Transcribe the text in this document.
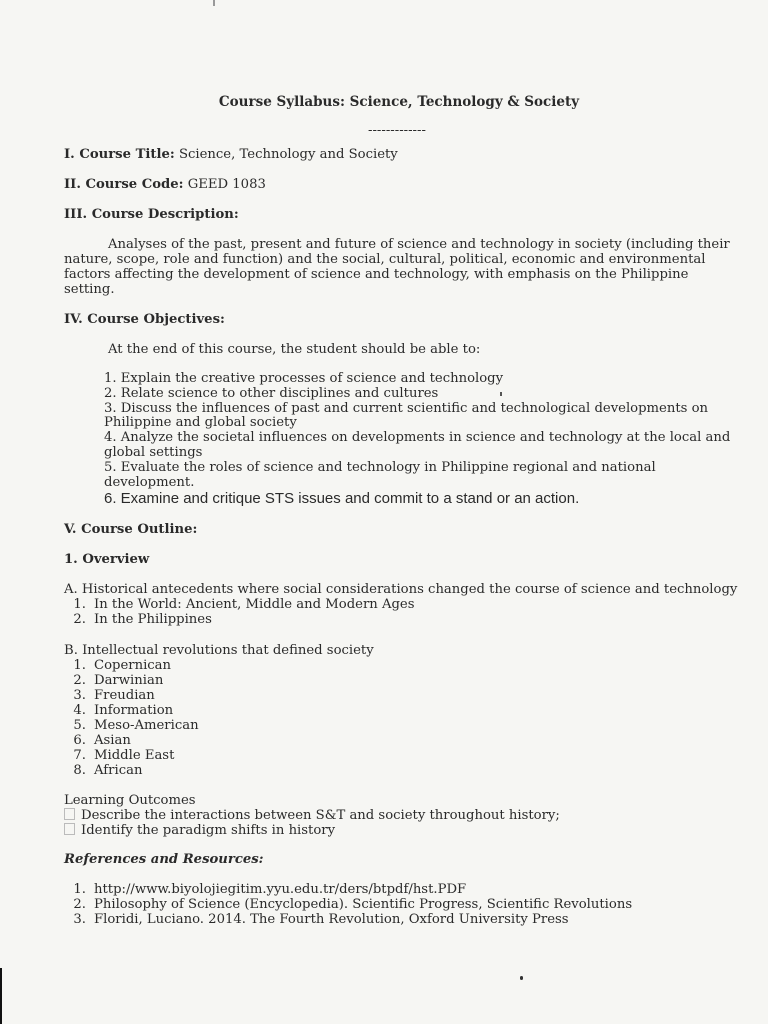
Course Syllabus: Science, Technology & Society
-------------
I. Course Title: Science, Technology and Society
II. Course Code: GEED 1083
III. Course Description:
Analyses of the past, present and future of science and technology in society (including their
nature, scope, role and function) and the social, cultural, political, economic and environmental
factors affecting the development of science and technology, with emphasis on the Philippine
setting.
IV. Course Objectives:
At the end of this course, the student should be able to:
1. Explain the creative processes of science and technology
2. Relate science to other disciplines and cultures
3. Discuss the influences of past and current scientific and technological developments on
Philippine and global society
4. Analyze the societal influences on developments in science and technology at the local and
global settings
5. Evaluate the roles of science and technology in Philippine regional and national
development.
6. Examine and critique STS issues and commit to a stand or an action.
V. Course Outline:
1. Overview
A. Historical antecedents where social considerations changed the course of science and technology
1. In the World: Ancient, Middle and Modern Ages
2. In the Philippines
B. Intellectual revolutions that defined society
1. Copernican
2. Darwinian
3. Freudian
4. Information
5. Meso-American
6. Asian
7. Middle East
8. African
Learning Outcomes
Describe the interactions between S&T and society throughout history;
Identify the paradigm shifts in history
References and Resources:
1. http://www.biyolojiegitim.yyu.edu.tr/ders/btpdf/hst.PDF
2. Philosophy of Science (Encyclopedia). Scientific Progress, Scientific Revolutions
3. Floridi, Luciano. 2014. The Fourth Revolution, Oxford University Press
